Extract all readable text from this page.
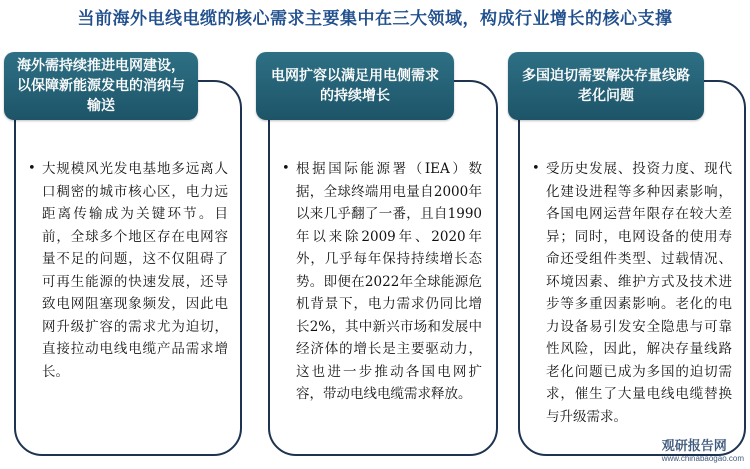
当前海外电线电缆的核心需求主要集中在三大领域，构成行业增长的核心支撑
海外需持续推进电网建设，以保障新能源发电的消纳与输送
• 大规模风光发电基地多远离人口稠密的城市核心区，电力远距离传输成为关键环节。目前，全球多个地区存在电网容量不足的问题，这不仅阻碍了可再生能源的快速发展，还导致电网阻塞现象频发，因此电网升级扩容的需求尤为迫切，直接拉动电线电缆产品需求增长。
电网扩容以满足用电侧需求的持续增长
• 根据国际能源署（IEA）数据，全球终端用电量自2000年以来几乎翻了一番，且自1990年以来除2009年、2020年外，几乎每年保持持续增长态势。即便在2022年全球能源危机背景下，电力需求仍同比增长2%，其中新兴市场和发展中经济体的增长是主要驱动力，这也进一步推动各国电网扩容，带动电线电缆需求释放。
多国迫切需要解决存量线路老化问题
• 受历史发展、投资力度、现代化建设进程等多种因素影响，各国电网运营年限存在较大差异；同时，电网设备的使用寿命还受组件类型、过载情况、环境因素、维护方式及技术进步等多重因素影响。老化的电力设备易引发安全隐患与可靠性风险，因此，解决存量线路老化问题已成为多国的迫切需求，催生了大量电线电缆替换与升级需求。
观研报告网
www.chinabaogao.com
